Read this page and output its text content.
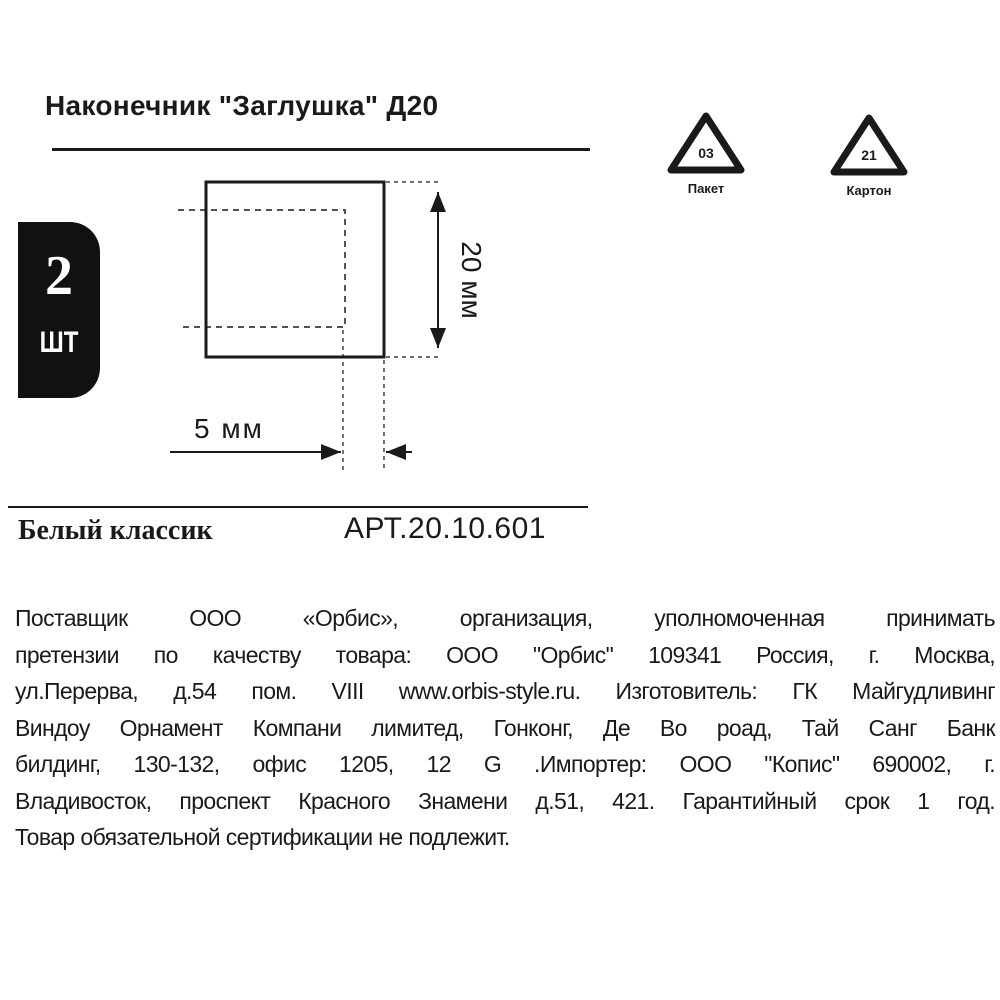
Наконечник "Заглушка" Д20
2
ШТ
03
Пакет
21
Картон
20 мм
5 мм
Белый классик	АРТ.20.10.601
Поставщик ООО «Орбис», организация, уполномоченная принимать
претензии по качеству товара: ООО "Орбис" 109341 Россия, г. Москва,
ул.Перерва, д.54 пом. VIII www.orbis-style.ru. Изготовитель: ГК Майгудливинг
Виндоу Орнамент Компани лимитед, Гонконг, Де Во роад, Тай Санг Банк
билдинг, 130-132, офис 1205, 12 G .Импортер: ООО "Копис" 690002, г.
Владивосток, проспект Красного Знамени д.51, 421. Гарантийный срок 1 год.
Товар обязательной сертификации не подлежит.
